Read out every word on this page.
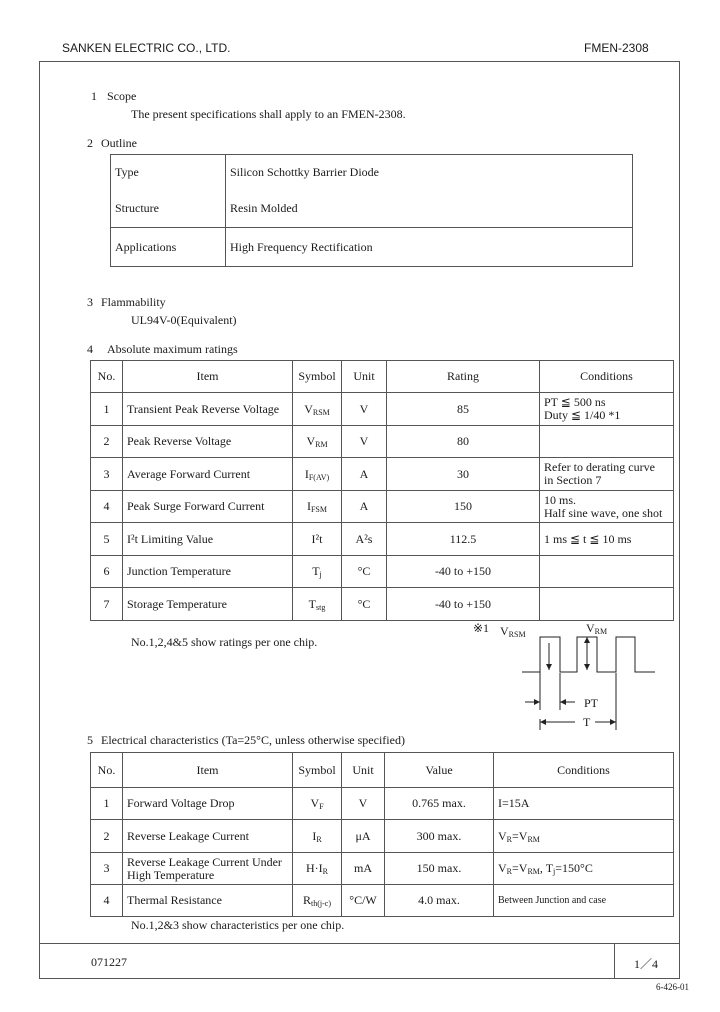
SANKEN ELECTRIC CO., LTD.	FMEN-2308
1 Scope
The present specifications shall apply to an FMEN-2308.
2 Outline
Type	Silicon Schottky Barrier Diode
Structure	Resin Molded
Applications	High Frequency Rectification
3 Flammability
UL94V-0(Equivalent)
4 Absolute maximum ratings
No.	Item	Symbol	Unit	Rating	Conditions
1	Transient Peak Reverse Voltage	$V_{RSM}$	V	85	PT ≦ 500 ns
Duty ≦ 1/40 *1

2	Peak Reverse Voltage	$V_{RM}$	V	80	
3	Average Forward Current	$I_{F(AV)}$	A	30	Refer to derating curve
in Section 7

4	Peak Surge Forward Current	$I_{FSM}$	A	150	10 ms.
Half sine wave, one shot

5	I²t Limiting Value	I²t	A²s	112.5	1 ms ≦ t ≦ 10 ms
6	Junction Temperature	$T_j$	°C	-40 to +150	
7	Storage Temperature	$T_{stg}$	°C	-40 to +150	
No.1,2,4&5 show ratings per one chip.
※1 $V_{RSM}$	$V_{RM}$
PT
T
5 Electrical characteristics (Ta=25°C, unless otherwise specified)
No.	Item	Symbol	Unit	Value	Conditions
1	Forward Voltage Drop	$V_F$	V	0.765 max.	I=15A
2	Reverse Leakage Current	$I_R$	μA	300 max.	$V_R=V_{RM}$
3	Reverse Leakage Current Under
High Temperature	$H\cdot I_R$	mA	150 max.	$V_R=V_{RM}$, $T_j=150^\circ C$
4	Thermal Resistance	$R_{th(j-c)}$	°C/W	4.0 max.	Between Junction and case
No.1,2&3 show characteristics per one chip.
071227	1／4
6-426-01
